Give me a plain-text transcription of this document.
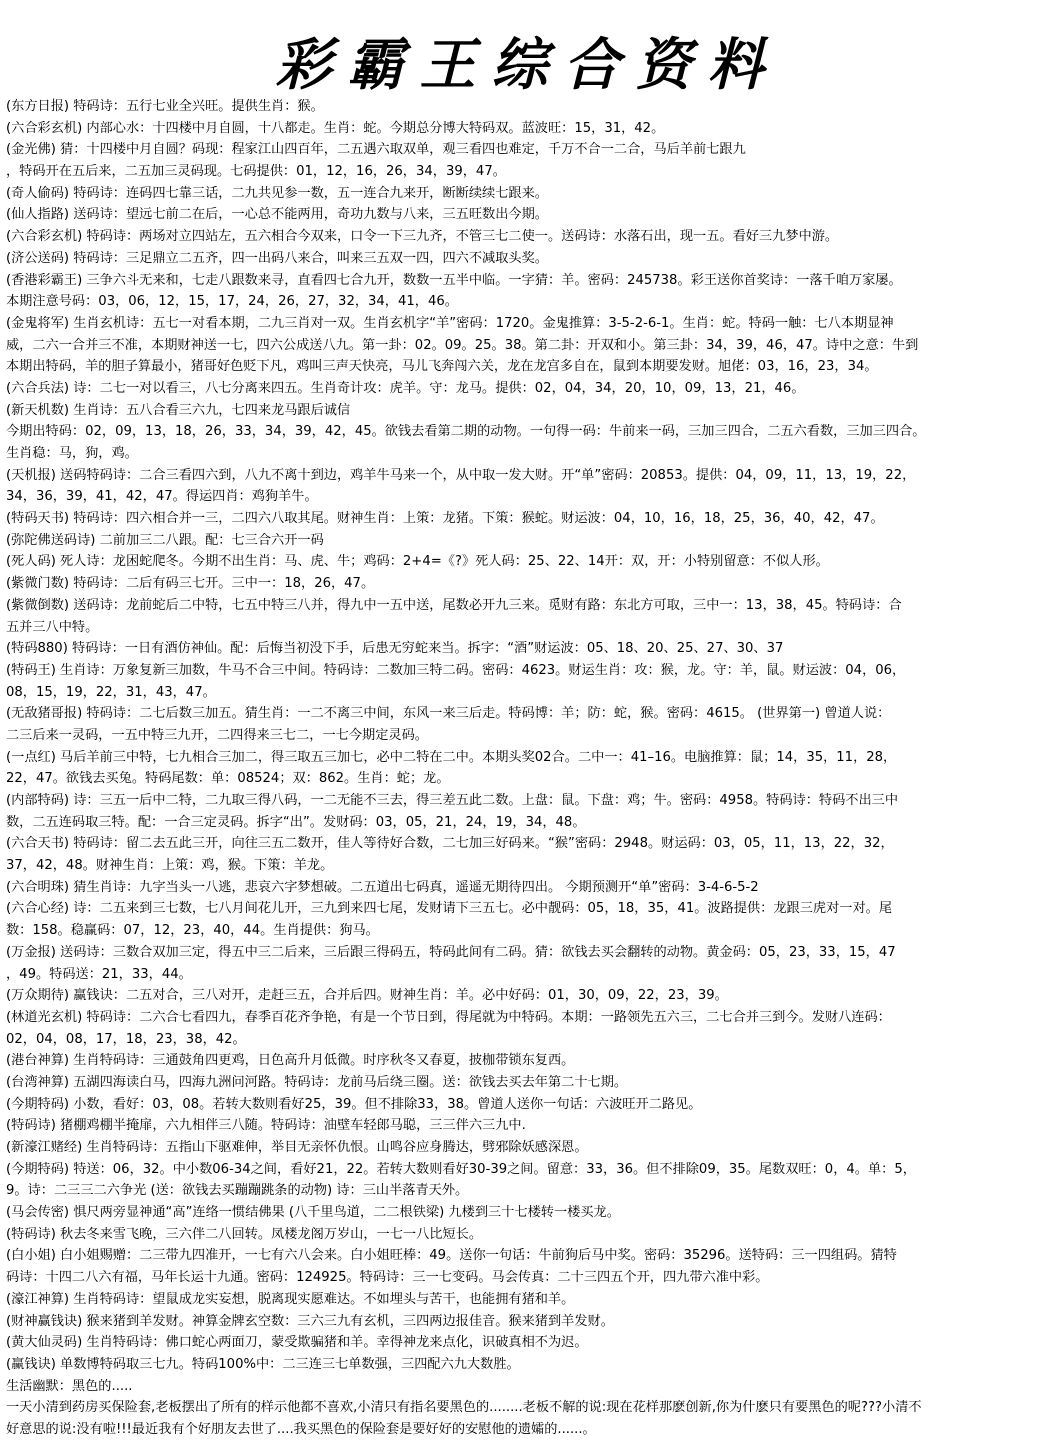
彩霸王综合资料
(东方日报) 特码诗：五行七业全兴旺。提供生肖：猴。
(六合彩玄机) 内部心水：十四楼中月自圆，十八都走。生肖：蛇。今期总分博大特码双。蓝波旺：15，31，42。
(金光佛) 猜：十四楼中月自圆？码现：程家江山四百年，二五遇六取双单，观三看四也难定，千万不合一二合，马后羊前七跟九
，特码开在五后来，二五加三灵码现。七码提供：01，12，16，26，34，39，47。
(奇人偷码) 特码诗：连码四七靠三话，二九共见参一数，五一连合九来开，断断续续七跟来。
(仙人指路) 送码诗：望远七前二在后，一心总不能两用，奇功九数与八来，三五旺数出今期。
(六合彩玄机) 特码诗：两场对立四站左，五六相合今双来，口令一下三九齐，不管三七二使一。送码诗：水落石出，现一五。看好三九梦中游。
(济公送码) 特码诗：三足鼎立二五齐，四一出码八来合，叫来三五双一四，四六不减取头奖。
(香港彩霸王) 三争六斗无来和，七走八跟数来寻，直看四七合九开，数数一五半中临。一字猜：羊。密码：245738。彩王送你首奖诗：一落千咱万家屡。
本期注意号码：03，06，12，15，17，24，26，27，32，34，41，46。
(金鬼将军) 生肖玄机诗：五七一对看本期，二九三肖对一双。生肖玄机字“羊”密码：1720。金鬼推算：3-5-2-6-1。生肖：蛇。特码一触：七八本期显神
威，二六一合并三不准，本期财神送一七，四六公成送八九。第一卦：02。09。25。38。第二卦：开双和小。第三卦：34，39，46，47。诗中之意：牛到
本期出特码，羊的胆子算最小，猪哥好色贬下凡，鸡叫三声天快亮，马儿飞奔闯六关，龙在龙宫多自在，鼠到本期要发财。旭佬：03，16，23，34。
(六合兵法) 诗：二七一对以看三，八七分离来四五。生肖奇计攻：虎羊。守：龙马。提供：02，04，34，20，10，09，13，21，46。
(新天机数) 生肖诗：五八合看三六九，七四来龙马跟后诚信
今期出特码：02，09，13，18，26，33，34，39，42，45。欲钱去看第二期的动物。一句得一码：牛前来一码，三加三四合，二五六看数，三加三四合。
生肖稳：马，狗，鸡。
(天机报) 送码特码诗：二合三看四六到，八九不离十到边，鸡羊牛马来一个，从中取一发大财。开“单”密码：20853。提供：04，09，11，13，19，22，
34，36，39，41，42，47。得运四肖：鸡狗羊牛。
(特码天书) 特码诗：四六相合并一三，二四六八取其尾。财神生肖：上策：龙猪。下策：猴蛇。财运波：04，10，16，18，25，36，40，42，47。
(弥陀佛送码诗) 二前加三二八跟。配：七三合六开一码
(死人码) 死人诗：龙困蛇爬冬。今期不出生肖：马、虎、牛；鸡码：2+4=《?》死人码：25、22、14开：双，开：小特别留意：不似人形。
(紫微门数) 特码诗：二后有码三七开。三中一：18，26，47。
(紫微倒数) 送码诗：龙前蛇后二中特，七五中特三八并，得九中一五中送，尾数必开九三来。觅财有路：东北方可取，三中一：13，38，45。特码诗：合
五并三八中特。
(特码880) 特码诗：一日有酒仿神仙。配：后悔当初没下手，后患无穷蛇来当。拆字：“酒”财运波：05、18、20、25、27、30、37
(特码王) 生肖诗：万象复新三加数，牛马不合三中间。特码诗：二数加三特二码。密码：4623。财运生肖：攻：猴，龙。守：羊，鼠。财运波：04，06，
08，15，19，22，31，43，47。
(无敌猪哥报) 特码诗：二七后数三加五。猜生肖：一二不离三中间，东风一来三后走。特码博：羊；防：蛇，猴。密码：4615。 (世界第一) 曾道人说：
二三后来一灵码，一五中特三九开，二四得来三七二，一七今期定灵码。
(一点红) 马后羊前三中特，七九相合三加二，得三取五三加七，必中二特在二中。本期头奖02合。二中一：41–16。电脑推算：鼠；14，35，11，28，
22，47。欲钱去买兔。特码尾数：单：08524；双：862。生肖：蛇；龙。
(内部特码) 诗：三五一后中二特，二九取三得八码，一二无能不三去，得三差五此二数。上盘：鼠。下盘：鸡；牛。密码：4958。特码诗：特码不出三中
数，二五连码取三特。配：一合三定灵码。拆字“出”。发财码：03，05，21，24，19，34，48。
(六合天书) 特码诗：留二去五此三开，向往三五二数开，佳人等待好合数，二七加三好码来。“猴”密码：2948。财运码：03，05，11，13，22，32，
37，42，48。财神生肖：上策：鸡，猴。下策：羊龙。
(六合明珠) 猜生肖诗：九字当头一八逃，悲哀六字梦想破。二五道出七码真，遥遥无期待四出。 今期预测开“单”密码：3-4-6-5-2
(六合心经) 诗：二五来到三七数，七八月间花儿开，三九到来四七尾，发财请下三五七。必中靓码：05，18，35，41。波路提供：龙跟三虎对一对。尾
数：158。稳赢码：07，12，23，40，44。生肖提供：狗马。
(万金报) 送码诗：三数合双加三定，得五中三二后来，三后跟三得码五，特码此间有二码。猜：欲钱去买会翻转的动物。黄金码：05，23，33，15，47
，49。特码送：21，33，44。
(万众期待) 赢钱诀：二五对合，三八对开，走赶三五，合并后四。财神生肖：羊。必中好码：01，30，09，22，23，39。
(林道光玄机) 特码诗：二六合七看四九，春季百花齐争艳，有是一个节日到，得尾就为中特码。本期：一路领先五六三，二七合并三到今。发财八连码：
02，04，08，17，18，23，38，42。
(港台神算) 生肖特码诗：三通鼓角四更鸡，日色高升月低微。时序秋冬又春夏，披枷带锁东复西。
(台湾神算) 五湖四海读白马，四海九洲问河路。特码诗：龙前马后绕三圈。送：欲钱去买去年第二十七期。
(今期特码) 小数，看好：03，08。若转大数则看好25，39。但不排除33，38。曾道人送你一句话：六波旺开二路见。
(特码诗) 猪棚鸡棚半掩扉，六九相伴三八随。特码诗：油壁车轻郎马聪，三三伴六三九中.
(新濠江赌经) 生肖特码诗：五指山下驱难伸，举目无亲怀仇恨。山鸣谷应身腾达，劈邪除妖感深恩。
(今期特码) 特送：06，32。中小数06-34之间，看好21，22。若转大数则看好30-39之间。留意：33，36。但不排除09，35。尾数双旺：0，4。单：5，
9。诗：二三三二六争光 (送：欲钱去买蹦蹦跳条的动物) 诗：三山半落青天外。
(马会传密) 惧尺两旁显神通“高”连络一惯结佛果 (八千里鸟道，二二根铁梁) 九楼到三十七楼转一楼买龙。
(特码诗) 秋去冬来雪飞晚，三六伴二八回转。凤楼龙阁万岁山，一七一八比短长。
(白小姐) 白小姐赐赠：二三带九四准开，一七有六八会来。白小姐旺棒：49。送你一句话：牛前狗后马中奖。密码：35296。送特码：三一四组码。猜特
码诗：十四二八六有福，马年长运十九通。密码：124925。特码诗：三一七变码。马会传真：二十三四五个开，四九带六准中彩。
(濠江神算) 生肖特码诗：望鼠成龙实妄想，脱离现实愿难达。不如埋头与苦干，也能拥有猪和羊。
(财神赢钱诀) 猴来猪到羊发财。神算金牌玄空数：三六三九有玄机，三四两边报佳音。猴来猪到羊发财。
(黄大仙灵码) 生肖特码诗：佛口蛇心两面刀，蒙受欺骗猪和羊。幸得神龙来点化，识破真相不为迟。
(赢钱诀) 单数博特码取三七九。特码100%中：二三连三七单数强，三四配六九大数胜。
生活幽默：黑色的.....
一天小清到药房买保险套,老板摆出了所有的样示他都不喜欢,小清只有指名要黑色的........老板不解的说:现在花样那麽创新,你为什麽只有要黑色的呢???小清不
好意思的说:没有啦!!!最近我有个好朋友去世了....我买黑色的保险套是要好好的安慰他的遗孀的......。
